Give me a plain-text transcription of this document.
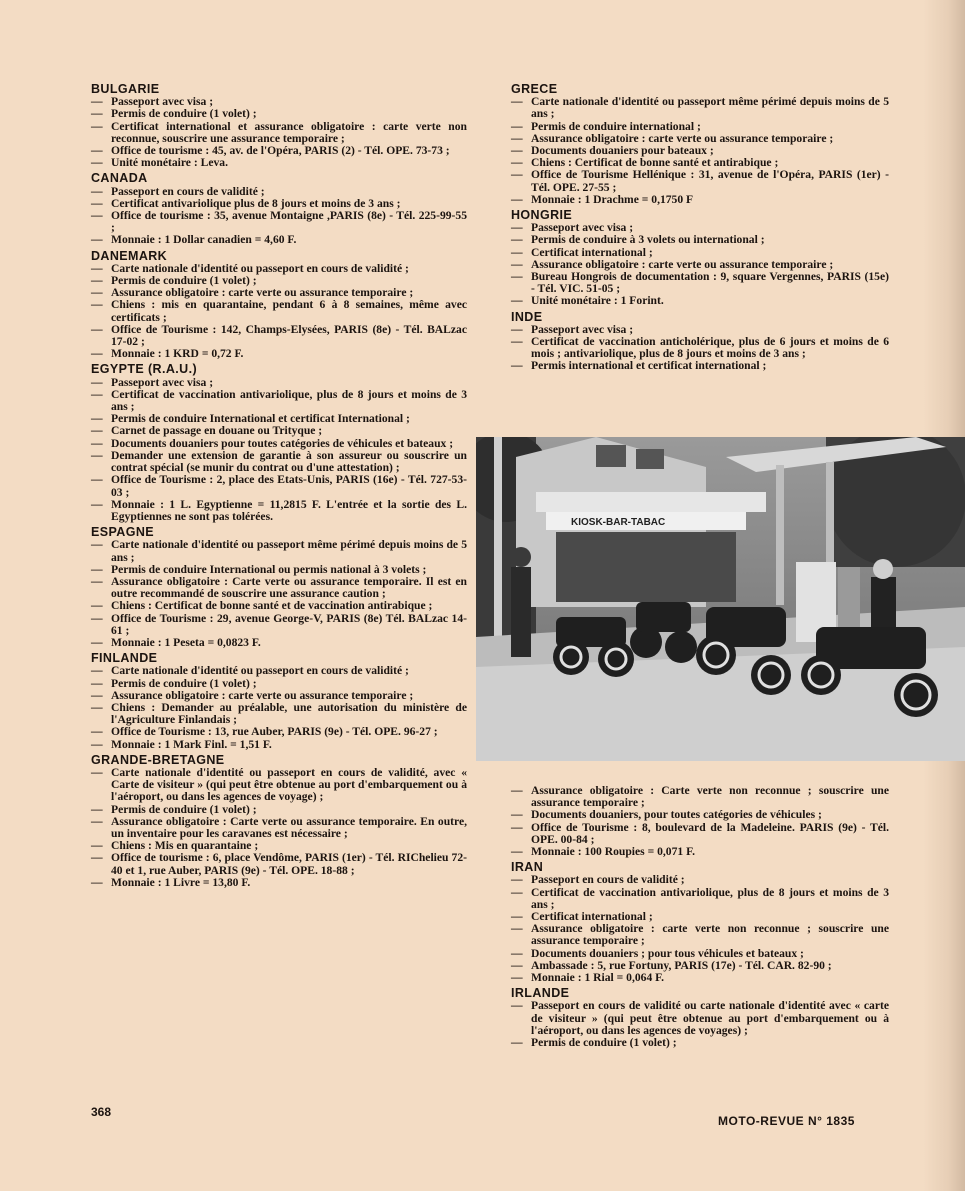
BULGARIE
— Passeport avec visa ;
— Permis de conduire (1 volet) ;
— Certificat international et assurance obligatoire : carte verte non reconnue, souscrire une assurance temporaire ;
— Office de tourisme : 45, av. de l'Opéra, PARIS (2) - Tél. OPE. 73-73 ;
— Unité monétaire : Leva.
CANADA
— Passeport en cours de validité ;
— Certificat antivariolique plus de 8 jours et moins de 3 ans ;
— Office de tourisme : 35, avenue Montaigne ,PARIS (8e) - Tél. 225-99-55 ;
— Monnaie : 1 Dollar canadien = 4,60 F.
DANEMARK
— Carte nationale d'identité ou passeport en cours de validité ;
— Permis de conduire (1 volet) ;
— Assurance obligatoire : carte verte ou assurance temporaire ;
— Chiens : mis en quarantaine, pendant 6 à 8 semaines, même avec certificats ;
— Office de Tourisme : 142, Champs-Elysées, PARIS (8e) - Tél. BALzac 17-02 ;
— Monnaie : 1 KRD = 0,72 F.
EGYPTE (R.A.U.)
— Passeport avec visa ;
— Certificat de vaccination antivariolique, plus de 8 jours et moins de 3 ans ;
— Permis de conduire International et certificat International ;
— Carnet de passage en douane ou Trityque ;
— Documents douaniers pour toutes catégories de véhicules et bateaux ;
— Demander une extension de garantie à son assureur ou souscrire un contrat spécial (se munir du contrat ou d'une attestation) ;
— Office de Tourisme : 2, place des Etats-Unis, PARIS (16e) - Tél. 727-53-03 ;
— Monnaie : 1 L. Egyptienne = 11,2815 F. L'entrée et la sortie des L. Egyptiennes ne sont pas tolérées.
ESPAGNE
— Carte nationale d'identité ou passeport même périmé depuis moins de 5 ans ;
— Permis de conduire International ou permis national à 3 volets ;
— Assurance obligatoire : Carte verte ou assurance temporaire. Il est en outre recommandé de souscrire une assurance caution ;
— Chiens : Certificat de bonne santé et de vaccination antirabique ;
— Office de Tourisme : 29, avenue George-V, PARIS (8e) Tél. BALzac 14-61 ;
— Monnaie : 1 Peseta = 0,0823 F.
FINLANDE
— Carte nationale d'identité ou passeport en cours de validité ;
— Permis de conduire (1 volet) ;
— Assurance obligatoire : carte verte ou assurance temporaire ;
— Chiens : Demander au préalable, une autorisation du ministère de l'Agriculture Finlandais ;
— Office de Tourisme : 13, rue Auber, PARIS (9e) - Tél. OPE. 96-27 ;
— Monnaie : 1 Mark Finl. = 1,51 F.
GRANDE-BRETAGNE
— Carte nationale d'identité ou passeport en cours de validité, avec « Carte de visiteur » (qui peut être obtenue au port d'embarquement ou à l'aéroport, ou dans les agences de voyage) ;
— Permis de conduire (1 volet) ;
— Assurance obligatoire : Carte verte ou assurance temporaire. En outre, un inventaire pour les caravanes est nécessaire ;
— Chiens : Mis en quarantaine ;
— Office de tourisme : 6, place Vendôme, PARIS (1er) - Tél. RIChelieu 72-40 et 1, rue Auber, PARIS (9e) - Tél. OPE. 18-88 ;
— Monnaie : 1 Livre = 13,80 F.
GRECE
— Carte nationale d'identité ou passeport même périmé depuis moins de 5 ans ;
— Permis de conduire international ;
— Assurance obligatoire : carte verte ou assurance temporaire ;
— Documents douaniers pour bateaux ;
— Chiens : Certificat de bonne santé et antirabique ;
— Office de Tourisme Hellénique : 31, avenue de l'Opéra, PARIS (1er) - Tél. OPE. 27-55 ;
— Monnaie : 1 Drachme = 0,1750 F
HONGRIE
— Passeport avec visa ;
— Permis de conduire à 3 volets ou international ;
— Certificat international ;
— Assurance obligatoire : carte verte ou assurance temporaire ;
— Bureau Hongrois de documentation : 9, square Vergennes, PARIS (15e) - Tél. VIC. 51-05 ;
— Unité monétaire : 1 Forint.
INDE
— Passeport avec visa ;
— Certificat de vaccination anticholérique, plus de 6 jours et moins de 6 mois ; antivariolique, plus de 8 jours et moins de 3 ans ;
— Permis international et certificat international ;
KIOSK-BAR-TABAC
— Assurance obligatoire : Carte verte non reconnue ; souscrire une assurance temporaire ;
— Documents douaniers, pour toutes catégories de véhicules ;
— Office de Tourisme : 8, boulevard de la Madeleine. PARIS (9e) - Tél. OPE. 00-84 ;
— Monnaie : 100 Roupies = 0,071 F.
IRAN
— Passeport en cours de validité ;
— Certificat de vaccination antivariolique, plus de 8 jours et moins de 3 ans ;
— Certificat international ;
— Assurance obligatoire : carte verte non reconnue ; souscrire une assurance temporaire ;
— Documents douaniers ; pour tous véhicules et bateaux ;
— Ambassade : 5, rue Fortuny, PARIS (17e) - Tél. CAR. 82-90 ;
— Monnaie : 1 Rial = 0,064 F.
IRLANDE
— Passeport en cours de validité ou carte nationale d'identité avec « carte de visiteur » (qui peut être obtenue au port d'embarquement ou à l'aéroport, ou dans les agences de voyages) ;
— Permis de conduire (1 volet) ;
368
MOTO-REVUE N° 1835
